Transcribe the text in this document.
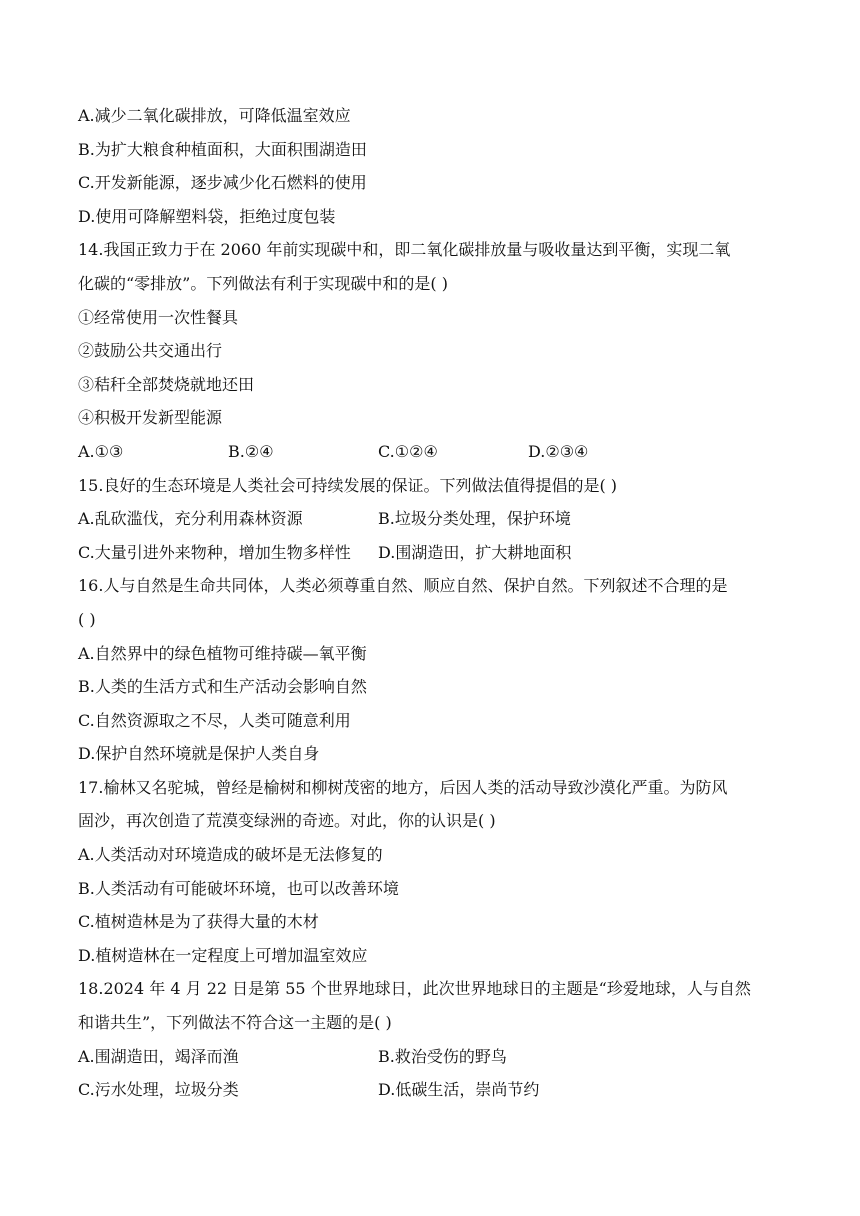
A.减少二氧化碳排放，可降低温室效应
B.为扩大粮食种植面积，大面积围湖造田
C.开发新能源，逐步减少化石燃料的使用
D.使用可降解塑料袋，拒绝过度包装
14.我国正致力于在 2060 年前实现碳中和，即二氧化碳排放量与吸收量达到平衡，实现二氧
化碳的“零排放”。下列做法有利于实现碳中和的是( )
①经常使用一次性餐具
②鼓励公共交通出行
③秸秆全部焚烧就地还田
④积极开发新型能源
A.①③	B.②④	C.①②④	D.②③④
15.良好的生态环境是人类社会可持续发展的保证。下列做法值得提倡的是( )
A.乱砍滥伐，充分利用森林资源	B.垃圾分类处理，保护环境
C.大量引进外来物种，增加生物多样性	D.围湖造田，扩大耕地面积
16.人与自然是生命共同体，人类必须尊重自然、顺应自然、保护自然。下列叙述不合理的是
( )
A.自然界中的绿色植物可维持碳—氧平衡
B.人类的生活方式和生产活动会影响自然
C.自然资源取之不尽，人类可随意利用
D.保护自然环境就是保护人类自身
17.榆林又名驼城，曾经是榆树和柳树茂密的地方，后因人类的活动导致沙漠化严重。为防风
固沙，再次创造了荒漠变绿洲的奇迹。对此，你的认识是( )
A.人类活动对环境造成的破坏是无法修复的
B.人类活动有可能破坏环境，也可以改善环境
C.植树造林是为了获得大量的木材
D.植树造林在一定程度上可增加温室效应
18.2024 年 4 月 22 日是第 55 个世界地球日，此次世界地球日的主题是“珍爱地球，人与自然
和谐共生”，下列做法不符合这一主题的是( )
A.围湖造田，竭泽而渔	B.救治受伤的野鸟
C.污水处理，垃圾分类	D.低碳生活，崇尚节约
